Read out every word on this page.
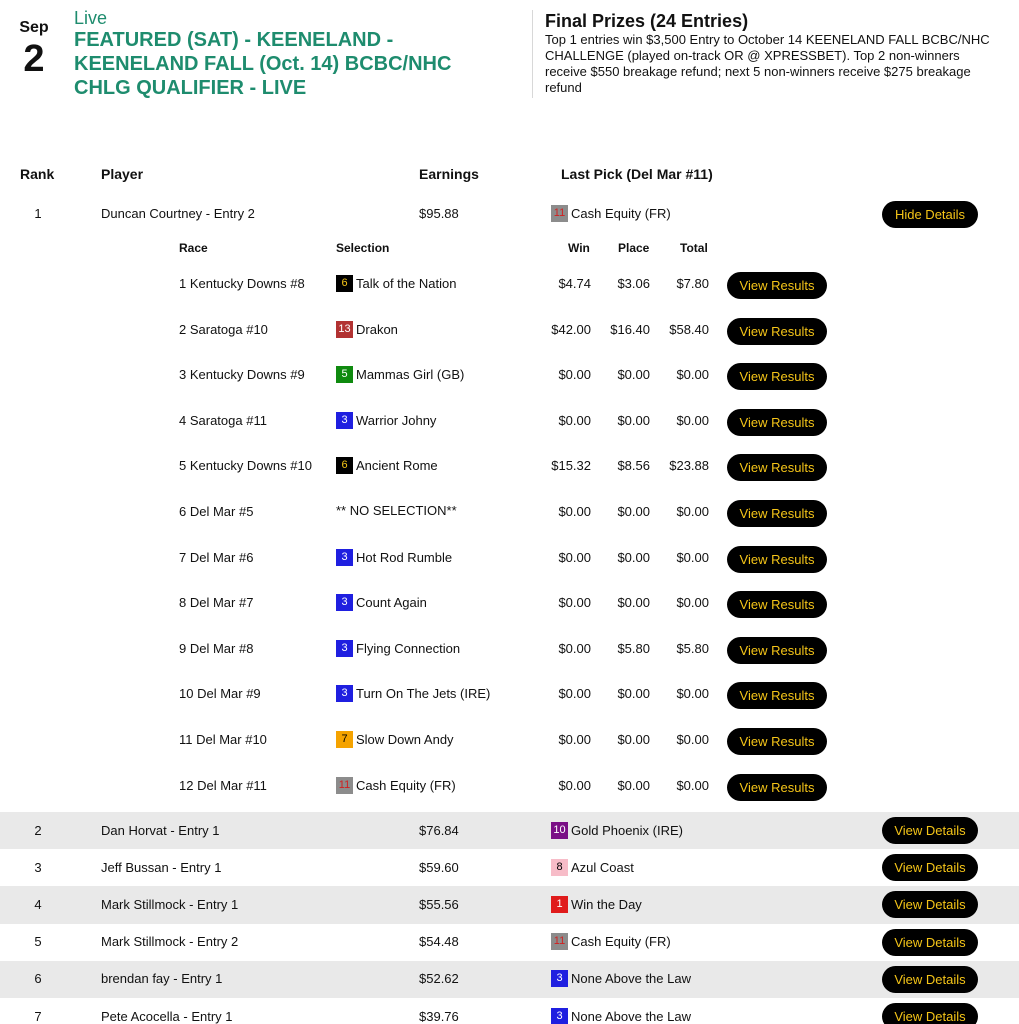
Sep
2
Live
FEATURED (SAT) - KEENELAND - KEENELAND FALL (Oct. 14) BCBC/NHC CHLG QUALIFIER - LIVE
Final Prizes (24 Entries)
Top 1 entries win $3,500 Entry to October 14 KEENELAND FALL BCBC/NHC CHALLENGE (played on-track OR @ XPRESSBET). Top 2 non-winners receive $550 breakage refund; next 5 non-winners receive $275 breakage refund
Rank	Player	Earnings	Last Pick (Del Mar #11)
1	Duncan Courtney - Entry 2	$95.88	11 Cash Equity (FR)	Hide Details
2	Dan Horvat - Entry 1	$76.84	10 Gold Phoenix (IRE)	View Details
3	Jeff Bussan - Entry 1	$59.60	8 Azul Coast	View Details
4	Mark Stillmock - Entry 1	$55.56	1 Win the Day	View Details
5	Mark Stillmock - Entry 2	$54.48	11 Cash Equity (FR)	View Details
6	brendan fay - Entry 1	$52.62	3 None Above the Law	View Details
7	Pete Acocella - Entry 1	$39.76	3 None Above the Law	View Details
Race	Selection	Win Place	Total
1 Kentucky Downs #8	6 Talk of the Nation	$4.74	$3.06	$7.80	View Results
2 Saratoga #10	13 Drakon	$42.00	$16.40	$58.40	View Results
3 Kentucky Downs #9	5 Mammas Girl (GB)	$0.00	$0.00	$0.00	View Results
4 Saratoga #11	3 Warrior Johny	$0.00	$0.00	$0.00	View Results
5 Kentucky Downs #10	6 Ancient Rome	$15.32	$8.56	$23.88	View Results
6 Del Mar #5	** NO SELECTION**	$0.00	$0.00	$0.00	View Results
7 Del Mar #6	3 Hot Rod Rumble	$0.00	$0.00	$0.00	View Results
8 Del Mar #7	3 Count Again	$0.00	$0.00	$0.00	View Results
9 Del Mar #8	3 Flying Connection	$0.00	$5.80	$5.80	View Results
10 Del Mar #9	3 Turn On The Jets (IRE)	$0.00	$0.00	$0.00	View Results
11 Del Mar #10	7 Slow Down Andy	$0.00	$0.00	$0.00	View Results
12 Del Mar #11	11 Cash Equity (FR)	$0.00	$0.00	$0.00	View Results
